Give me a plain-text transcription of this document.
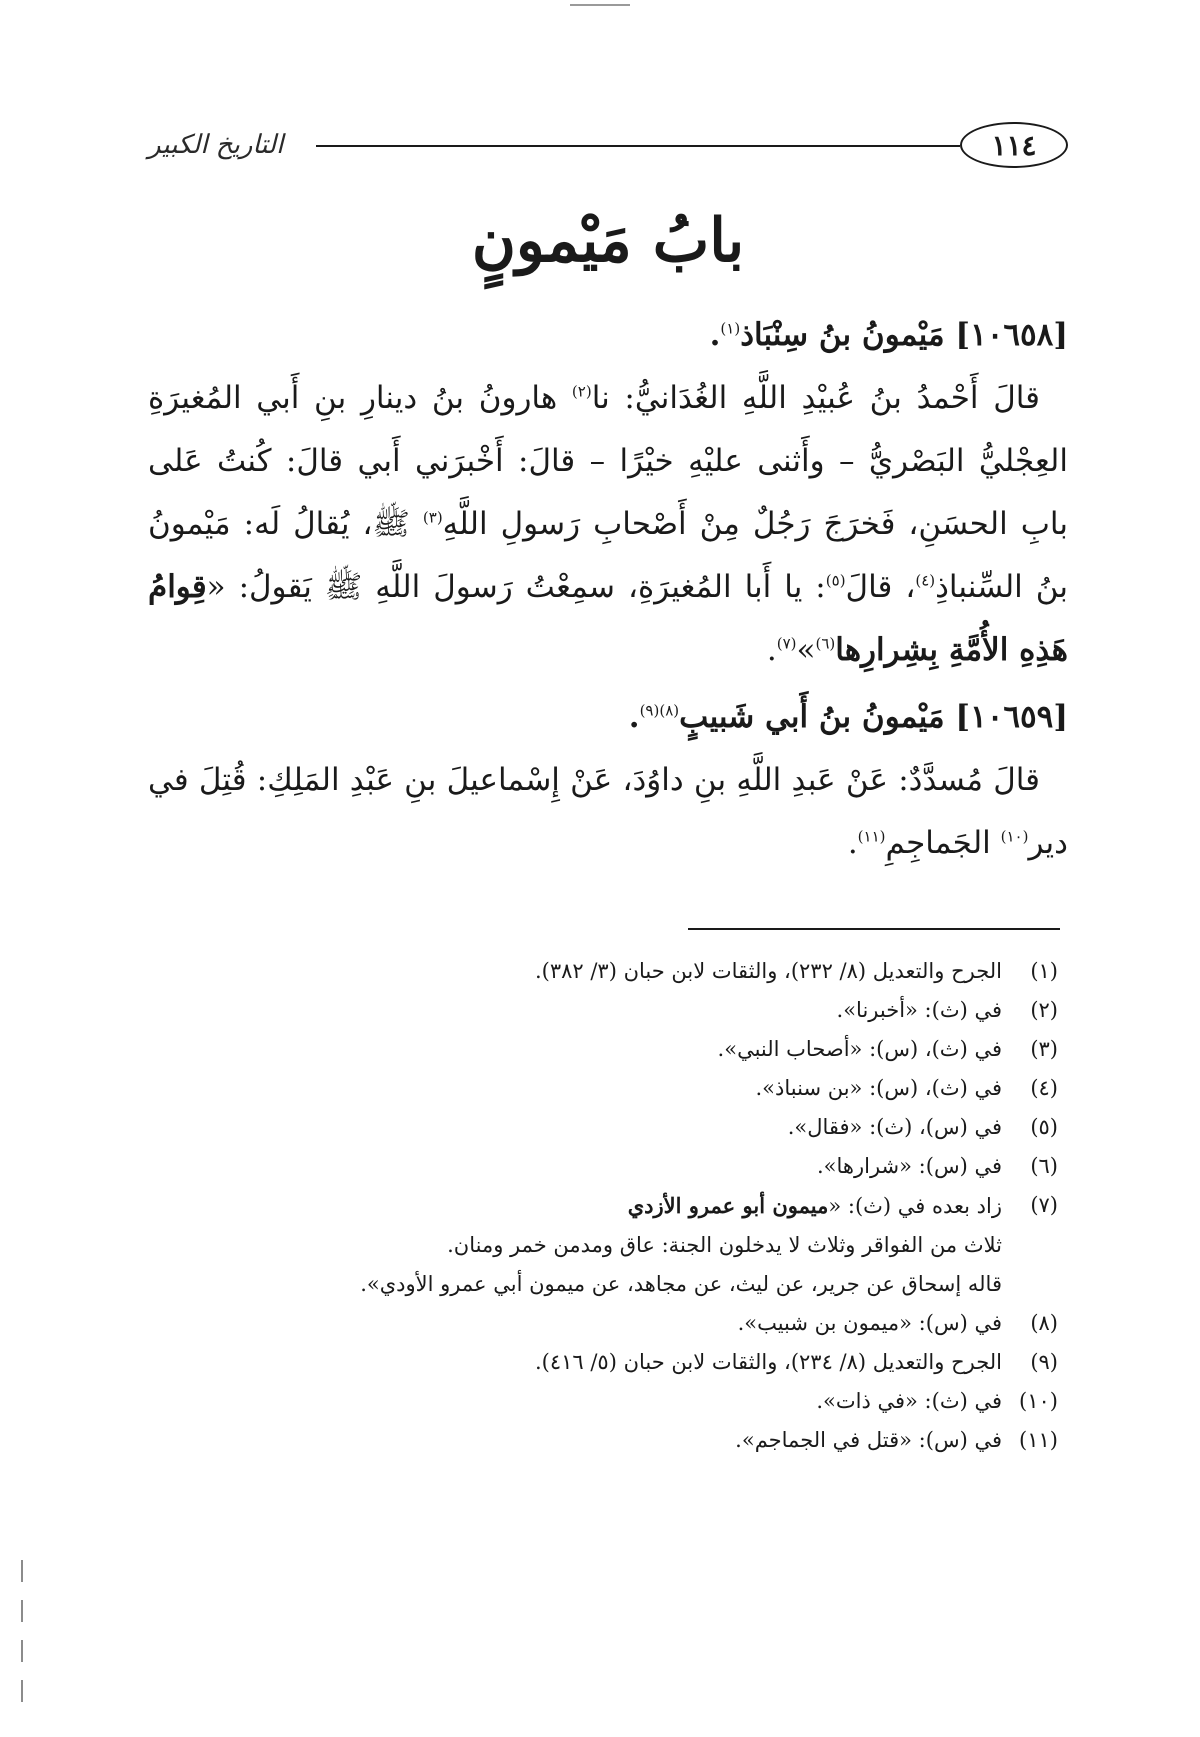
التاريخ الكبير	١١٤
بابُ مَيْمونٍ

[١٠٦٥٨] مَيْمونُ بنُ سِنْبَاذ$^{(١)}$.

قالَ أَحْمدُ بنُ عُبيْدِ اللَّهِ الغُدَانيُّ: نا$^{(٢)}$ هارونُ بنُ دينارِ بنِ أَبي المُغيرَةِ العِجْليُّ البَصْريُّ – وأَثنى عليْهِ خيْرًا – قالَ: أَخْبرَني أَبي قالَ: كُنتُ عَلى بابِ الحسَنِ، فَخرَجَ رَجُلٌ مِنْ أَصْحابِ رَسولِ اللَّهِ$^{(٣)}$ ﷺ، يُقالُ لَه: مَيْمونُ بنُ السِّنباذِ$^{(٤)}$، قالَ$^{(٥)}$: يا أَبا المُغيرَةِ، سمِعْتُ رَسولَ اللَّهِ ﷺ يَقولُ: «قِوامُ هَذِهِ الأُمَّةِ بِشِرارِها$^{(٦)}$»$^{(٧)}$.

[١٠٦٥٩] مَيْمونُ بنُ أَبي شَبيبٍ$^{(٨)(٩)}$.

قالَ مُسدَّدٌ: عَنْ عَبدِ اللَّهِ بنِ داوُدَ، عَنْ إِسْماعيلَ بنِ عَبْدِ المَلِكِ: قُتِلَ في دير$^{(١٠)}$ الجَماجِمِ$^{(١١)}$.

(١)
الجرح والتعديل (٨/ ٢٣٢)، والثقات لابن حبان (٣/ ٣٨٢).
(٢)
في (ث): «أخبرنا».
(٣)
في (ث)، (س): «أصحاب النبي».
(٤)
في (ث)، (س): «بن سنباذ».
(٥)
في (س)، (ث): «فقال».
(٦)
في (س): «شرارها».
(٧)
زاد بعده في (ث): «ميمون أبو عمرو الأزدي
ثلاث من الفواقر وثلاث لا يدخلون الجنة: عاق ومدمن خمر ومنان.
قاله إسحاق عن جرير، عن ليث، عن مجاهد، عن ميمون أبي عمرو الأودي».
(٨)
في (س): «ميمون بن شبيب».
(٩)
الجرح والتعديل (٨/ ٢٣٤)، والثقات لابن حبان (٥/ ٤١٦).
(١٠)
في (ث): «في ذات».
(١١)
في (س): «قتل في الجماجم».
